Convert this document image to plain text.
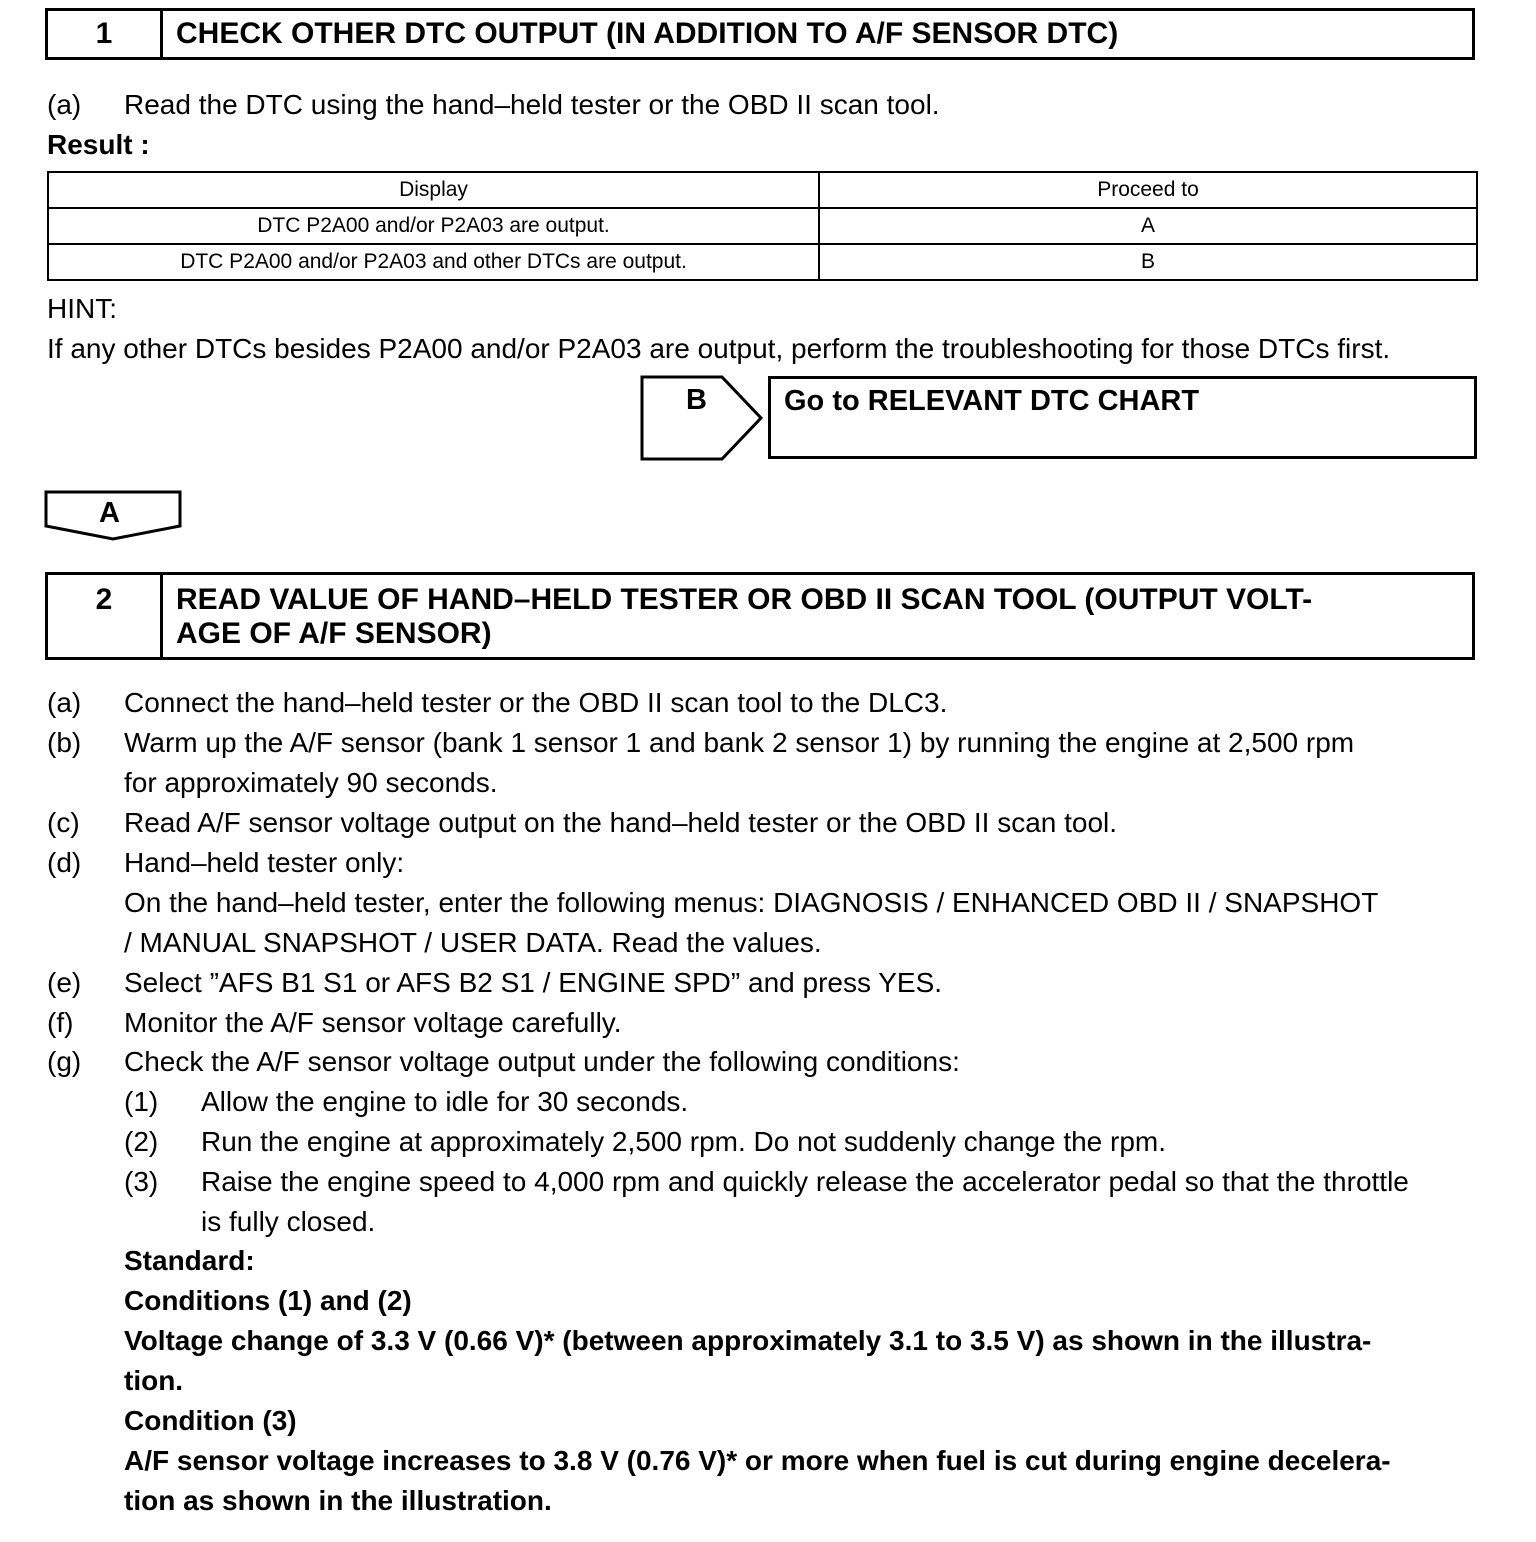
1	CHECK OTHER DTC OUTPUT (IN ADDITION TO A/F SENSOR DTC)
(a) Read the DTC using the hand–held tester or the OBD II scan tool.
Result :
Display	Proceed to
DTC P2A00 and/or P2A03 are output.	A
DTC P2A00 and/or P2A03 and other DTCs are output.	B
HINT:
If any other DTCs besides P2A00 and/or P2A03 are output, perform the troubleshooting for those DTCs first.
B	Go to RELEVANT DTC CHART
A
2	READ VALUE OF HAND–HELD TESTER OR OBD II SCAN TOOL (OUTPUT VOLT-
AGE OF A/F SENSOR)
(a) Connect the hand–held tester or the OBD II scan tool to the DLC3.
(b) Warm up the A/F sensor (bank 1 sensor 1 and bank 2 sensor 1) by running the engine at 2,500 rpm
for approximately 90 seconds.
(c) Read A/F sensor voltage output on the hand–held tester or the OBD II scan tool.
(d) Hand–held tester only:
On the hand–held tester, enter the following menus: DIAGNOSIS / ENHANCED OBD II / SNAPSHOT
/ MANUAL SNAPSHOT / USER DATA. Read the values.
(e) Select ”AFS B1 S1 or AFS B2 S1 / ENGINE SPD” and press YES.
(f) Monitor the A/F sensor voltage carefully.
(g) Check the A/F sensor voltage output under the following conditions:
(1) Allow the engine to idle for 30 seconds.
(2) Run the engine at approximately 2,500 rpm. Do not suddenly change the rpm.
(3) Raise the engine speed to 4,000 rpm and quickly release the accelerator pedal so that the throttle
is fully closed.
Standard:
Conditions (1) and (2)
Voltage change of 3.3 V (0.66 V)* (between approximately 3.1 to 3.5 V) as shown in the illustra-
tion.
Condition (3)
A/F sensor voltage increases to 3.8 V (0.76 V)* or more when fuel is cut during engine decelera-
tion as shown in the illustration.
